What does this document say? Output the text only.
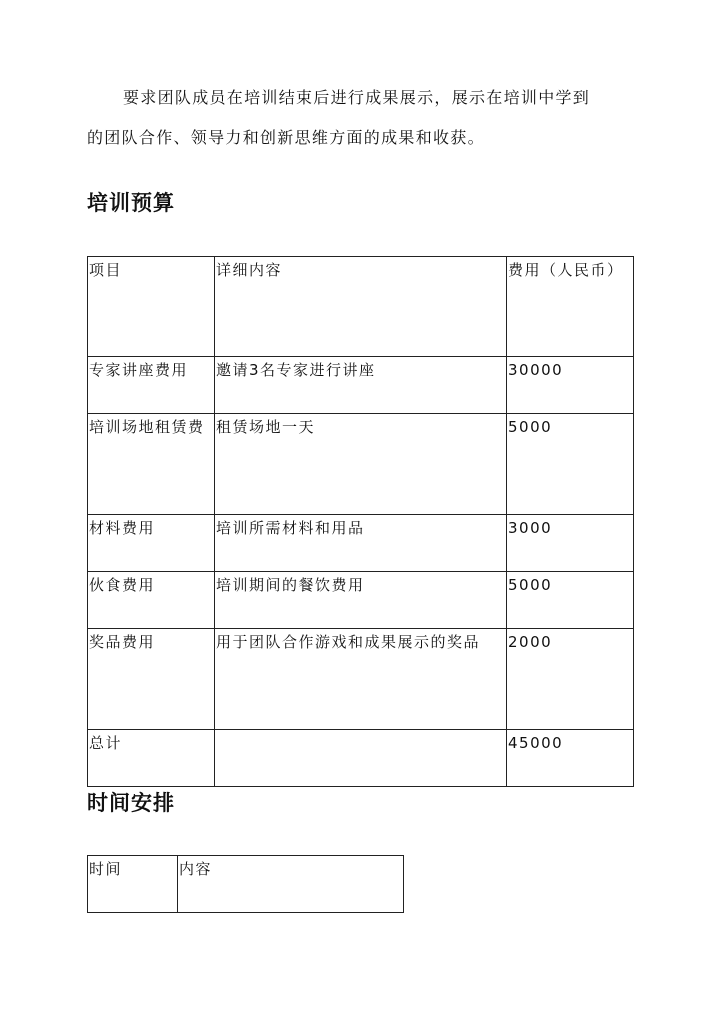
要求团队成员在培训结束后进行成果展示，展示在培训中学到
的团队合作、领导力和创新思维方面的成果和收获。
培训预算
项目	详细内容	费用（人民币）

专家讲座费用	邀请3名专家进行讲座	30000

培训场地租赁费	租赁场地一天	5000

材料费用	培训所需材料和用品	3000

伙食费用	培训期间的餐饮费用	5000

奖品费用	用于团队合作游戏和成果展示的奖品	2000

总计		45000
时间安排
时间	内容
